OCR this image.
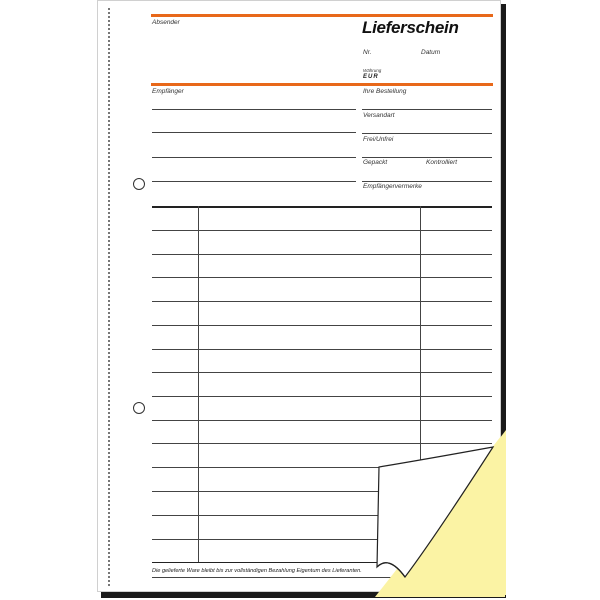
Absender	Lieferschein
Nr.	Datum
Währung
EUR
Empfänger	Ihre Bestellung
Versandart
Frei/Unfrei
Gepackt	Kontrolliert
Empfängervermerke
Die gelieferte Ware bleibt bis zur vollständigen Bezahlung Eigentum des Lieferanten.
